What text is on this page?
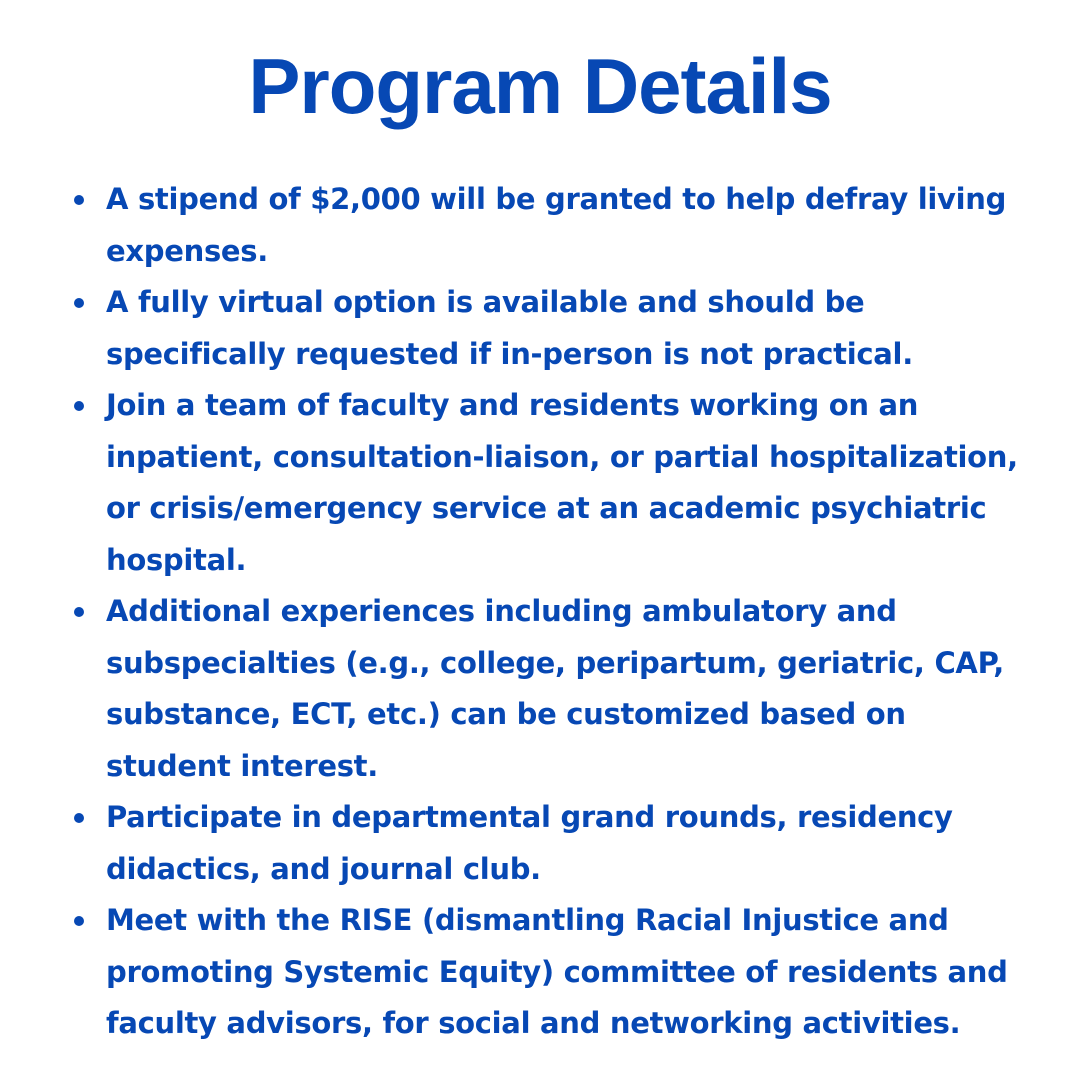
Program Details
A stipend of $2,000 will be granted to help defray living expenses.
A fully virtual option is available and should be specifically requested if in-person is not practical.
Join a team of faculty and residents working on an inpatient, consultation-liaison, or partial hospitalization, or crisis/emergency service at an academic psychiatric hospital.
Additional experiences including ambulatory and subspecialties (e.g., college, peripartum, geriatric, CAP, substance, ECT, etc.) can be customized based on student interest.
Participate in departmental grand rounds, residency didactics, and journal club.
Meet with the RISE (dismantling Racial Injustice and promoting Systemic Equity) committee of residents and faculty advisors, for social and networking activities.
